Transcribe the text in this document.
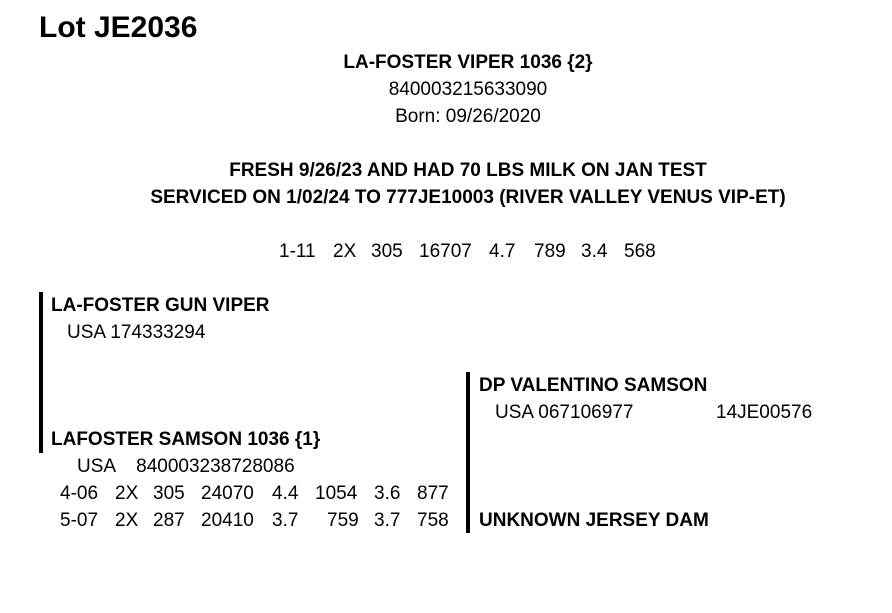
Lot JE2036
LA-FOSTER VIPER 1036 {2}
840003215633090
Born: 09/26/2020
FRESH 9/26/23 AND HAD 70 LBS MILK ON JAN TEST
SERVICED ON 1/02/24 TO 777JE10003 (RIVER VALLEY VENUS VIP-ET)
1-11 2X 305 16707 4.7 789 3.4 568
LA-FOSTER GUN VIPER
USA 174333294
LAFOSTER SAMSON 1036 {1}
USA    840003238728086
4-06 2X 305 24070 4.4 1054 3.6 877
5-07 2X 287 20410 3.7 759 3.7 758
DP VALENTINO SAMSON
USA 067106977	14JE00576
UNKNOWN JERSEY DAM
